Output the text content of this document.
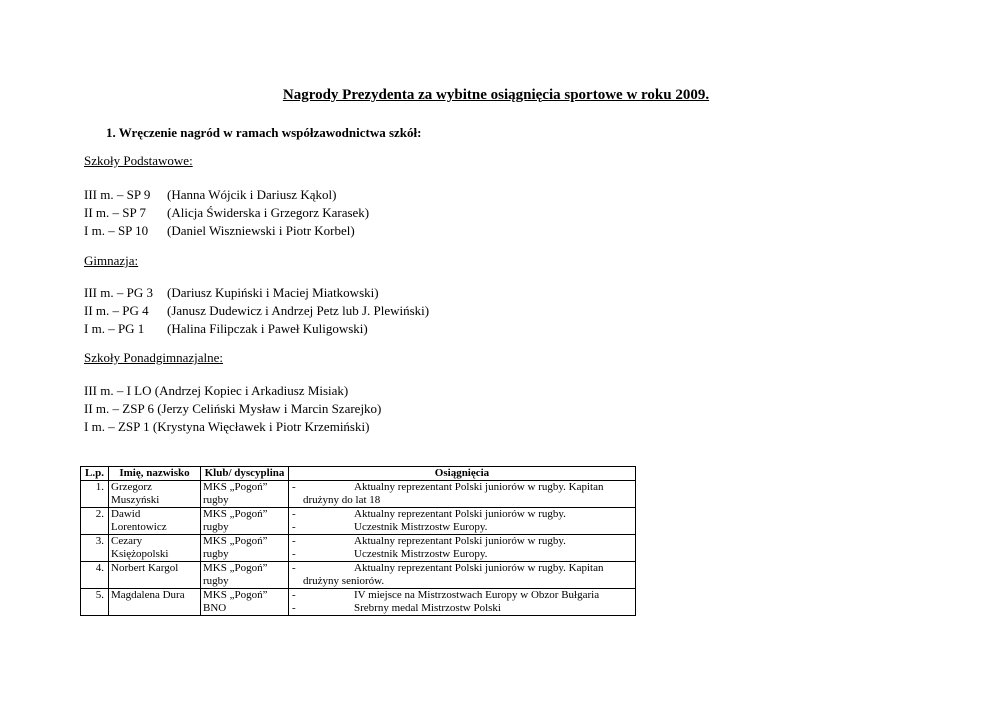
Nagrody Prezydenta za wybitne osiągnięcia sportowe w roku 2009.
1. Wręczenie nagród w ramach współzawodnictwa szkół:
Szkoły Podstawowe:
III m. – SP 9 (Hanna Wójcik i Dariusz Kąkol)
II m. – SP 7 (Alicja Świderska i Grzegorz Karasek)
I m. – SP 10 (Daniel Wiszniewski i Piotr Korbel)
Gimnazja:
III m. – PG 3 (Dariusz Kupiński i Maciej Miatkowski)
II m. – PG 4 (Janusz Dudewicz i Andrzej Petz lub J. Plewiński)
I m. – PG 1 (Halina Filipczak i Paweł Kuligowski)
Szkoły Ponadgimnazjalne:
III m. – I LO (Andrzej Kopiec i Arkadiusz Misiak)
II m. – ZSP 6 (Jerzy Celiński Mysław i Marcin Szarejko)
I m. – ZSP 1 (Krystyna Więcławek i Piotr Krzemiński)
L.p.	Imię, nazwisko	Klub/ dyscyplina	Osiągnięcia
1.	Grzegorz Muszyński	MKS „Pogoń” rugby	- Aktualny reprezentant Polski juniorów w rugby. Kapitan
drużyny do lat 18

2.	Dawid Lorentowicz	MKS „Pogoń” rugby	- Aktualny reprezentant Polski juniorów w rugby.
- Uczestnik Mistrzostw Europy.

3.	Cezary Księżopolski	MKS „Pogoń” rugby	- Aktualny reprezentant Polski juniorów w rugby.
- Uczestnik Mistrzostw Europy.

4.	Norbert Kargol	MKS „Pogoń” rugby	- Aktualny reprezentant Polski juniorów w rugby. Kapitan
drużyny seniorów.

5.	Magdalena Dura	MKS „Pogoń” BNO	- IV miejsce na Mistrzostwach Europy w Obzor Bułgaria
- Srebrny medal Mistrzostw Polski
